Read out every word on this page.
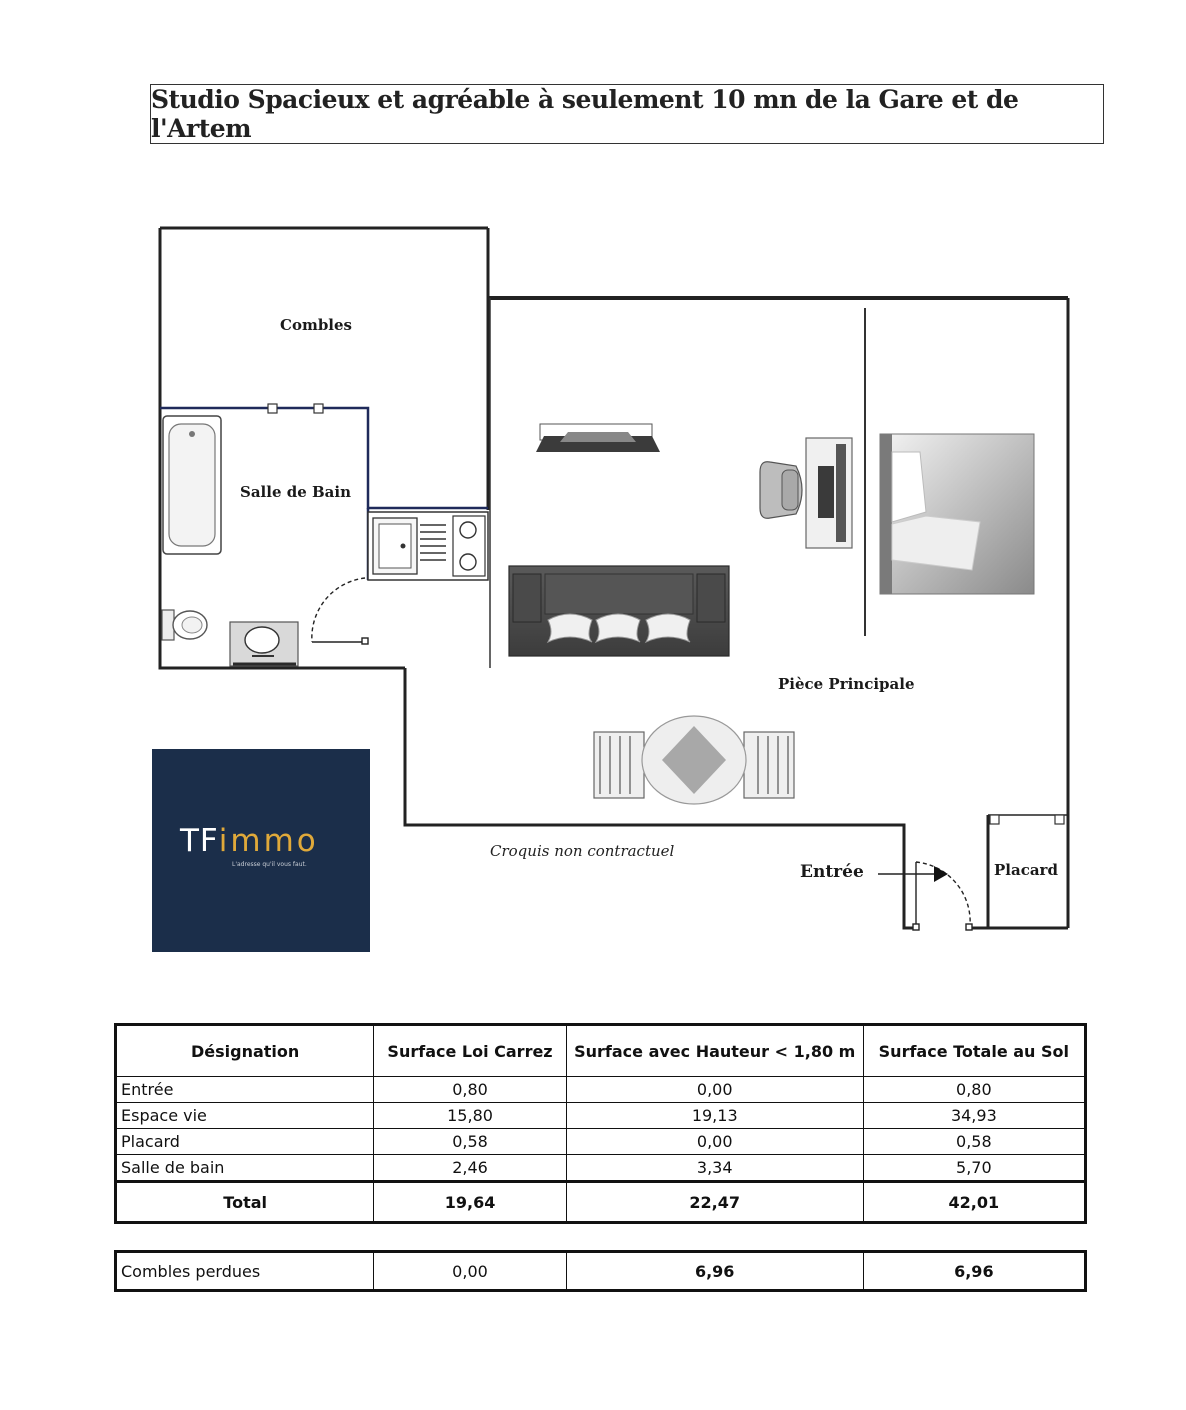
Studio Spacieux et agréable à seulement 10 mn de la Gare et de l'Artem
Combles
Salle de Bain
Pièce Principale
Entrée	Placard
Croquis non contractuel
TFimmo
L'adresse qu'il vous faut.
Désignation	Surface Loi Carrez	Surface avec Hauteur < 1,80 m	Surface Totale au Sol
Entrée	0,80	0,00	0,80
Espace vie	15,80	19,13	34,93
Placard	0,58	0,00	0,58
Salle de bain	2,46	3,34	5,70
Total	19,64	22,47	42,01
Combles perdues	0,00	6,96	6,96
